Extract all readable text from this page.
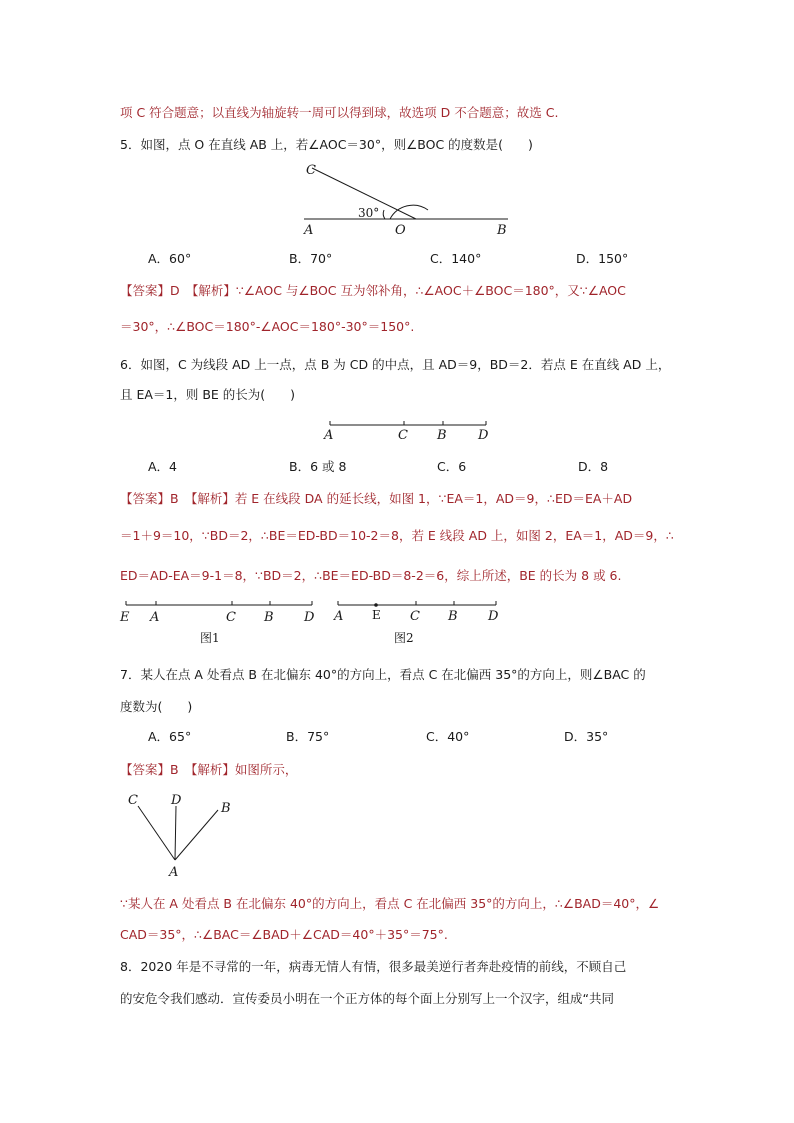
项 C 符合题意；以直线为轴旋转一周可以得到球，故选项 D 不合题意；故选 C.
5．如图，点 O 在直线 AB 上，若∠AOC＝30°，则∠BOC 的度数是(　　)
C
30°
A	O	B
A．60°	B．70°	C．140°	D．150°
【答案】D　【解析】∵∠AOC 与∠BOC 互为邻补角，∴∠AOC＋∠BOC＝180°，又∵∠AOC
＝30°，∴∠BOC＝180°-∠AOC＝180°-30°＝150°.
6．如图，C 为线段 AD 上一点，点 B 为 CD 的中点，且 AD＝9，BD＝2．若点 E 在直线 AD 上，
且 EA＝1，则 BE 的长为(　　)
A	C B D
A．4	B．6 或 8	C．6	D．8
【答案】B　【解析】若 E 在线段 DA 的延长线，如图 1，∵EA＝1，AD＝9，∴ED＝EA＋AD
＝1＋9＝10，∵BD＝2，∴BE＝ED-BD＝10-2＝8，若 E 线段 AD 上，如图 2，EA＝1，AD＝9，∴
ED＝AD-EA＝9-1＝8，∵BD＝2，∴BE＝ED-BD＝8-2＝6，综上所述，BE 的长为 8 或 6.
E A	C B D
图1
A E C B D
图2
7．某人在点 A 处看点 B 在北偏东 40°的方向上，看点 C 在北偏西 35°的方向上，则∠BAC 的
度数为(　　)
A．65°	B．75°	C．40°	D．35°
【答案】B　【解析】如图所示，
C	D
B
A
∵某人在 A 处看点 B 在北偏东 40°的方向上，看点 C 在北偏西 35°的方向上，∴∠BAD＝40°，∠
CAD＝35°，∴∠BAC＝∠BAD＋∠CAD＝40°＋35°＝75°.
8．2020 年是不寻常的一年，病毒无情人有情，很多最美逆行者奔赴疫情的前线，不顾自己
的安危令我们感动．宣传委员小明在一个正方体的每个面上分别写上一个汉字，组成“共同
